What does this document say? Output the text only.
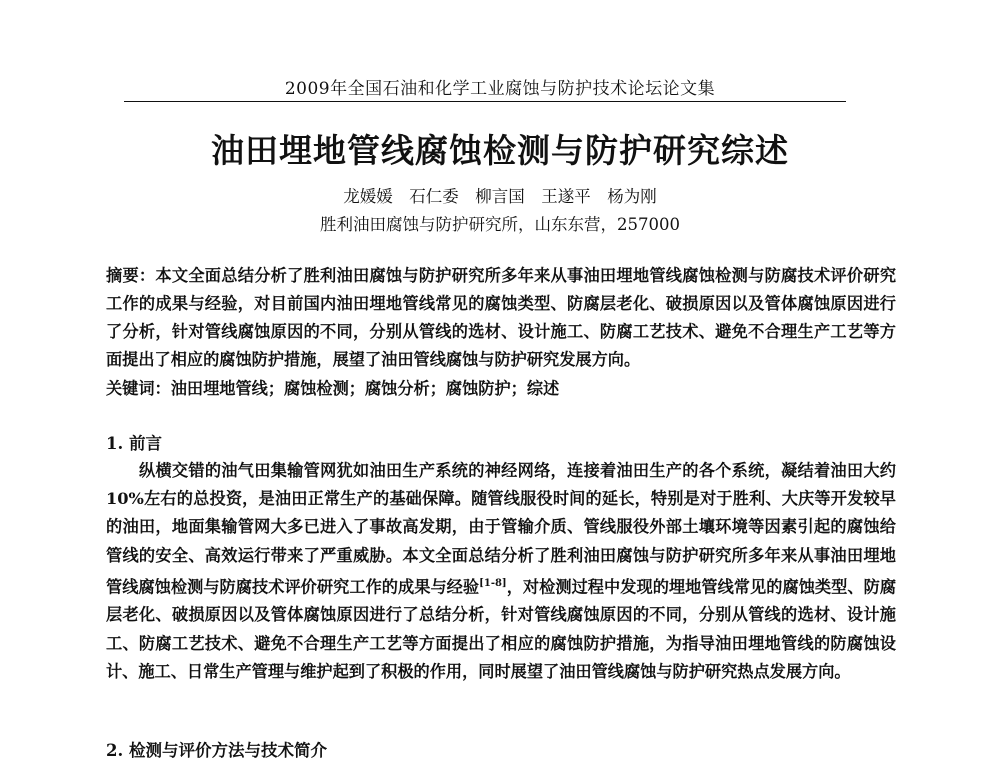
2009年全国石油和化学工业腐蚀与防护技术论坛论文集
油田埋地管线腐蚀检测与防护研究综述
龙媛媛　石仁委　柳言国　王遂平　杨为刚
胜利油田腐蚀与防护研究所，山东东营，257000
摘要：本文全面总结分析了胜利油田腐蚀与防护研究所多年来从事油田埋地管线腐蚀检测与防腐技术评价研究工作的成果与经验，对目前国内油田埋地管线常见的腐蚀类型、防腐层老化、破损原因以及管体腐蚀原因进行了分析，针对管线腐蚀原因的不同，分别从管线的选材、设计施工、防腐工艺技术、避免不合理生产工艺等方面提出了相应的腐蚀防护措施，展望了油田管线腐蚀与防护研究发展方向。
关键词：油田埋地管线；腐蚀检测；腐蚀分析；腐蚀防护；综述
1. 前言
纵横交错的油气田集输管网犹如油田生产系统的神经网络，连接着油田生产的各个系统，凝结着油田大约10%左右的总投资，是油田正常生产的基础保障。随管线服役时间的延长，特别是对于胜利、大庆等开发较早的油田，地面集输管网大多已进入了事故高发期，由于管输介质、管线服役外部土壤环境等因素引起的腐蚀给管线的安全、高效运行带来了严重威胁。本文全面总结分析了胜利油田腐蚀与防护研究所多年来从事油田埋地管线腐蚀检测与防腐技术评价研究工作的成果与经验[1-8]，对检测过程中发现的埋地管线常见的腐蚀类型、防腐层老化、破损原因以及管体腐蚀原因进行了总结分析，针对管线腐蚀原因的不同，分别从管线的选材、设计施工、防腐工艺技术、避免不合理生产工艺等方面提出了相应的腐蚀防护措施，为指导油田埋地管线的防腐蚀设计、施工、日常生产管理与维护起到了积极的作用，同时展望了油田管线腐蚀与防护研究热点发展方向。
2. 检测与评价方法与技术简介
